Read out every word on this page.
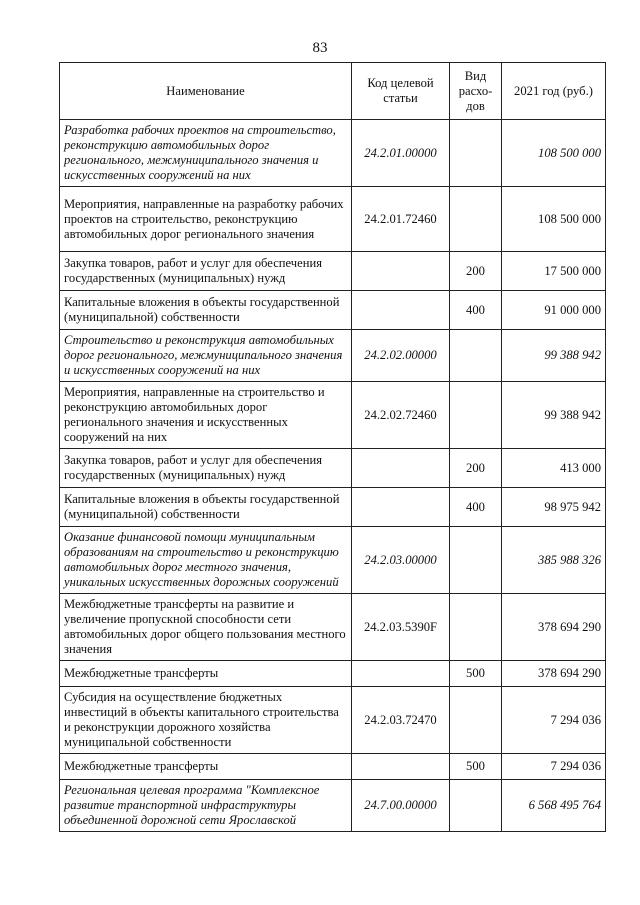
83
Наименование	Код целевой статьи	Вид расхо-дов	2021 год (руб.)
Разработка рабочих проектов на строительство, реконструкцию автомобильных дорог регионального, межмуниципального значения и искусственных сооружений на них	24.2.01.00000		108 500 000
Мероприятия, направленные на разработку рабочих проектов на строительство, реконструкцию автомобильных дорог регионального значения	24.2.01.72460		108 500 000
Закупка товаров, работ и услуг для обеспечения государственных (муниципальных) нужд		200	17 500 000
Капитальные вложения в объекты государственной (муниципальной) собственности		400	91 000 000
Строительство и реконструкция автомобильных дорог регионального, межмуниципального значения и искусственных сооружений на них	24.2.02.00000		99 388 942
Мероприятия, направленные на строительство и реконструкцию автомобильных дорог регионального значения и искусственных сооружений на них	24.2.02.72460		99 388 942
Закупка товаров, работ и услуг для обеспечения государственных (муниципальных) нужд		200	413 000
Капитальные вложения в объекты государственной (муниципальной) собственности		400	98 975 942
Оказание финансовой помощи муниципальным образованиям на строительство и реконструкцию автомобильных дорог местного значения, уникальных искусственных дорожных сооружений	24.2.03.00000		385 988 326
Межбюджетные трансферты на развитие и увеличение пропускной способности сети автомобильных дорог общего пользования местного значения	24.2.03.5390F		378 694 290
Межбюджетные трансферты		500	378 694 290
Субсидия на осуществление бюджетных инвестиций в объекты капитального строительства и реконструкции дорожного хозяйства муниципальной собственности	24.2.03.72470		7 294 036
Межбюджетные трансферты		500	7 294 036
Региональная целевая программа "Комплексное развитие транспортной инфраструктуры объединенной дорожной сети Ярославской	24.7.00.00000		6 568 495 764
